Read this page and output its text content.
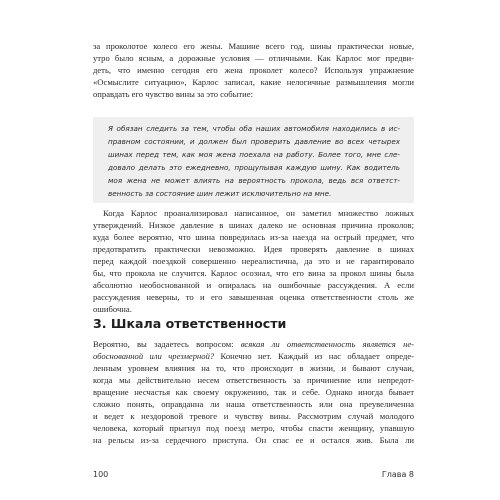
за проколотое колесо его жены. Машине всего год, шины практически новые,
утро было ясным, а дорожные условия — отличными. Как Карлос мог предви-
деть, что именно сегодня его жена проколет колесо? Используя упражнение
«Осмыслите ситуацию», Карлос записал, какие нелогичные размышления могли
оправдать его чувство вины за это событие:
Я обязан следить за тем, чтобы оба наших автомобиля находились в ис-
правном состоянии, и должен был проверить давление во всех четырех
шинах перед тем, как моя жена поехала на работу. Более того, мне сле-
довало делать это ежедневно, прощупывая каждую шину. Как водитель
моя жена не может влиять на вероятность прокола, ведь вся ответст-
венность за состояние шин лежит исключительно на мне.
Когда Карлос проанализировал написанное, он заметил множество ложных
утверждений. Низкое давление в шинах далеко не основная причина проколов;
куда более вероятно, что шина повредилась из-за наезда на острый предмет, что
предотвратить практически невозможно. Идея проверять давление в шинах
перед каждой поездкой совершенно нереалистична, да это и не гарантировало
бы, что прокола не случится. Карлос осознал, что его вина за прокол шины была
абсолютно необоснованной и опиралась на ошибочные рассуждения. А если
рассуждения неверны, то и его завышенная оценка ответственности столь же
ошибочна.
3. Шкала ответственности
Вероятно, вы задаетесь вопросом: всякая ли ответственность является не-
обоснованной или чрезмерной? Конечно нет. Каждый из нас обладает опреде-
ленным уровнем влияния на то, что происходит в жизни, и бывают случаи,
когда мы действительно несем ответственность за причинение или непредот-
вращение несчастья как своему окружению, так и себе. Однако иногда бывает
сложно понять, оправданна ли наша ответственность или она преувеличенна
и ведет к нездоровой тревоге и чувству вины. Рассмотрим случай молодого
человека, который прыгнул под поезд метро, чтобы спасти женщину, упавшую
на рельсы из-за сердечного приступа. Он спас ее и остался жив. Была ли
100	Глава 8
